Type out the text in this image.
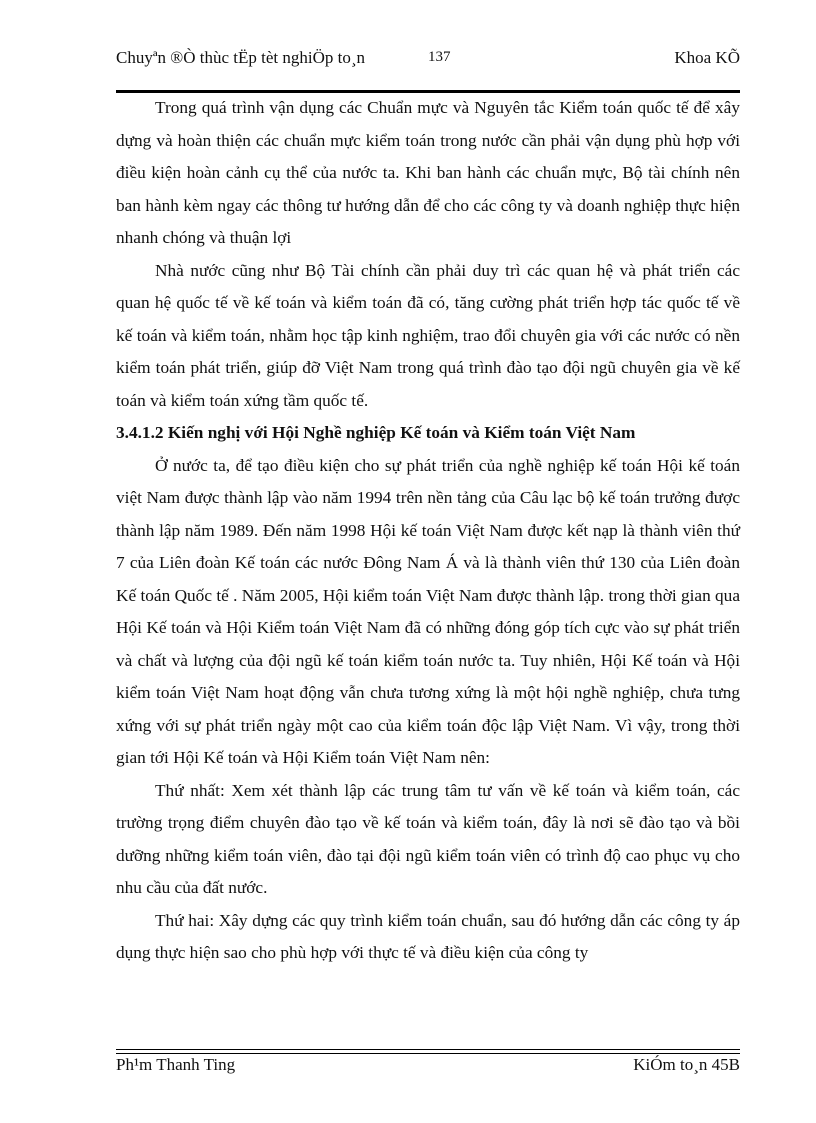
Chuyªn ®Ò thùc tËp tèt nghiÖp to¸n	137	Khoa KÕ

Trong quá trình vận dụng các Chuẩn mực và Nguyên tắc Kiểm toán quốc tế để xây dựng và hoàn thiện các chuẩn mực kiểm toán trong nước cần phải vận dụng phù hợp với điều kiện hoàn cảnh cụ thể của nước ta. Khi ban hành các chuẩn mực, Bộ tài chính nên ban hành kèm ngay các thông tư hướng dẫn để cho các công ty và doanh nghiệp thực hiện nhanh chóng và thuận lợi

Nhà nước cũng như Bộ Tài chính cần phải duy trì các quan hệ và phát triển các quan hệ quốc tế về kế toán và kiểm toán đã có, tăng cường phát triển hợp tác quốc tế về kế toán và kiểm toán, nhằm học tập kinh nghiệm, trao đổi chuyên gia với các nước có nền kiểm toán phát triển, giúp đỡ Việt Nam trong quá trình đào tạo đội ngũ chuyên gia về kế toán và kiểm toán xứng tầm quốc tế.

3.4.1.2 Kiến nghị với Hội Nghề nghiệp Kế toán và Kiểm toán Việt Nam

Ở nước ta, để tạo điều kiện cho sự phát triển của nghề nghiệp kế toán Hội kế toán việt Nam được thành lập vào năm 1994 trên nền tảng của Câu lạc bộ kế toán trưởng được thành lập năm 1989. Đến năm 1998 Hội kế toán Việt Nam được kết nạp là thành viên thứ 7 của Liên đoàn Kế toán các nước Đông Nam Á và là thành viên thứ 130 của Liên đoàn Kế toán Quốc tế . Năm 2005, Hội kiểm toán Việt Nam được thành lập. trong thời gian qua Hội Kế toán và Hội Kiểm toán Việt Nam đã có những đóng góp tích cực vào sự phát triển và chất và lượng của đội ngũ kế toán kiểm toán nước ta. Tuy nhiên, Hội Kế toán và Hội kiểm toán Việt Nam hoạt động vẫn chưa tương xứng là một hội nghề nghiệp, chưa tưng xứng với sự phát triển ngày một cao của kiểm toán độc lập Việt Nam. Vì vậy, trong thời gian tới Hội Kế toán và Hội Kiểm toán Việt Nam nên:

Thứ nhất: Xem xét thành lập các trung tâm tư vấn về kế toán và kiểm toán, các trường trọng điểm chuyên đào tạo về kế toán và kiểm toán, đây là nơi sẽ đào tạo và bồi dưỡng những kiểm toán viên, đào tại đội ngũ kiểm toán viên có trình độ cao phục vụ cho nhu cầu của đất nước.

Thứ hai: Xây dựng các quy trình kiểm toán chuẩn, sau đó hướng dẫn các công ty áp dụng thực hiện sao cho phù hợp với thực tế và điều kiện của công ty

Ph¹m Thanh Ting	KiÓm to¸n 45B
